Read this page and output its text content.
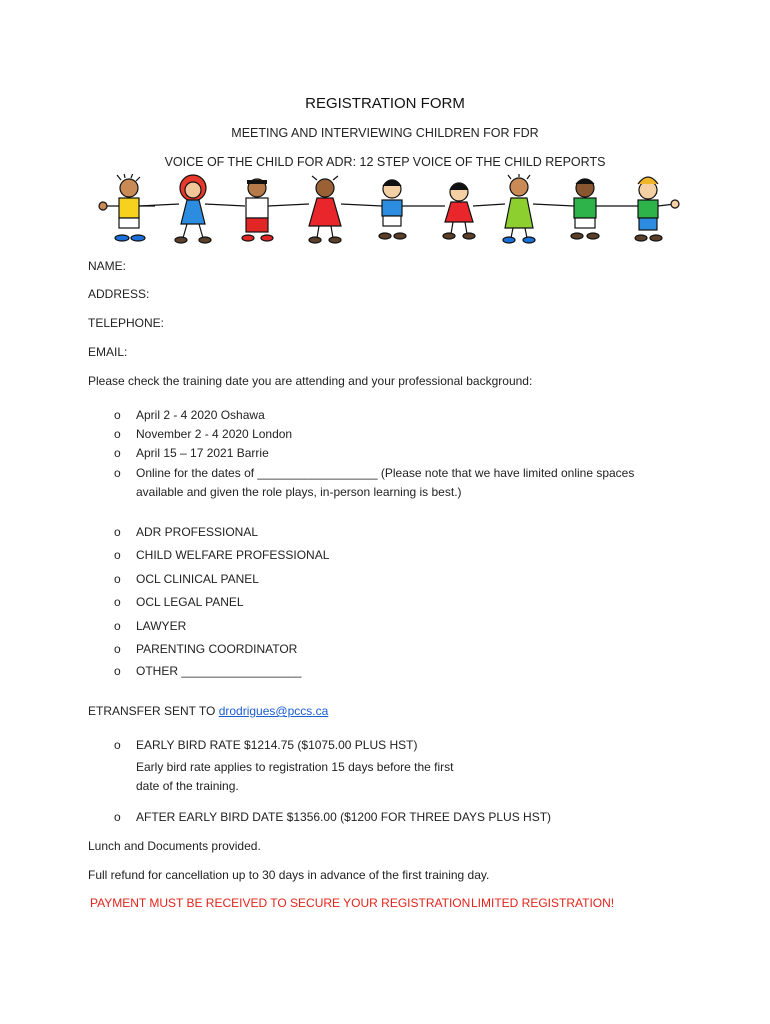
REGISTRATION FORM
MEETING AND INTERVIEWING CHILDREN FOR FDR
VOICE OF THE CHILD FOR ADR: 12 STEP VOICE OF THE CHILD REPORTS
NAME:
ADDRESS:
TELEPHONE:
EMAIL:
Please check the training date you are attending and your professional background:
o April 2 - 4 2020 Oshawa
o November 2 - 4 2020 London
o April 15 – 17 2021 Barrie
o Online for the dates of __________________ (Please note that we have limited online spaces
available and given the role plays, in-person learning is best.)
o ADR PROFESSIONAL
o CHILD WELFARE PROFESSIONAL
o OCL CLINICAL PANEL
o OCL LEGAL PANEL
o LAWYER
o PARENTING COORDINATOR
o OTHER __________________
ETRANSFER SENT TO drodrigues@pccs.ca
o EARLY BIRD RATE $1214.75 ($1075.00 PLUS HST)
Early bird rate applies to registration 15 days before the first
date of the training.
o AFTER EARLY BIRD DATE $1356.00 ($1200 FOR THREE DAYS PLUS HST)
Lunch and Documents provided.
Full refund for cancellation up to 30 days in advance of the first training day.
PAYMENT MUST BE RECEIVED TO SECURE YOUR REGISTRATION LIMITED REGISTRATION!
